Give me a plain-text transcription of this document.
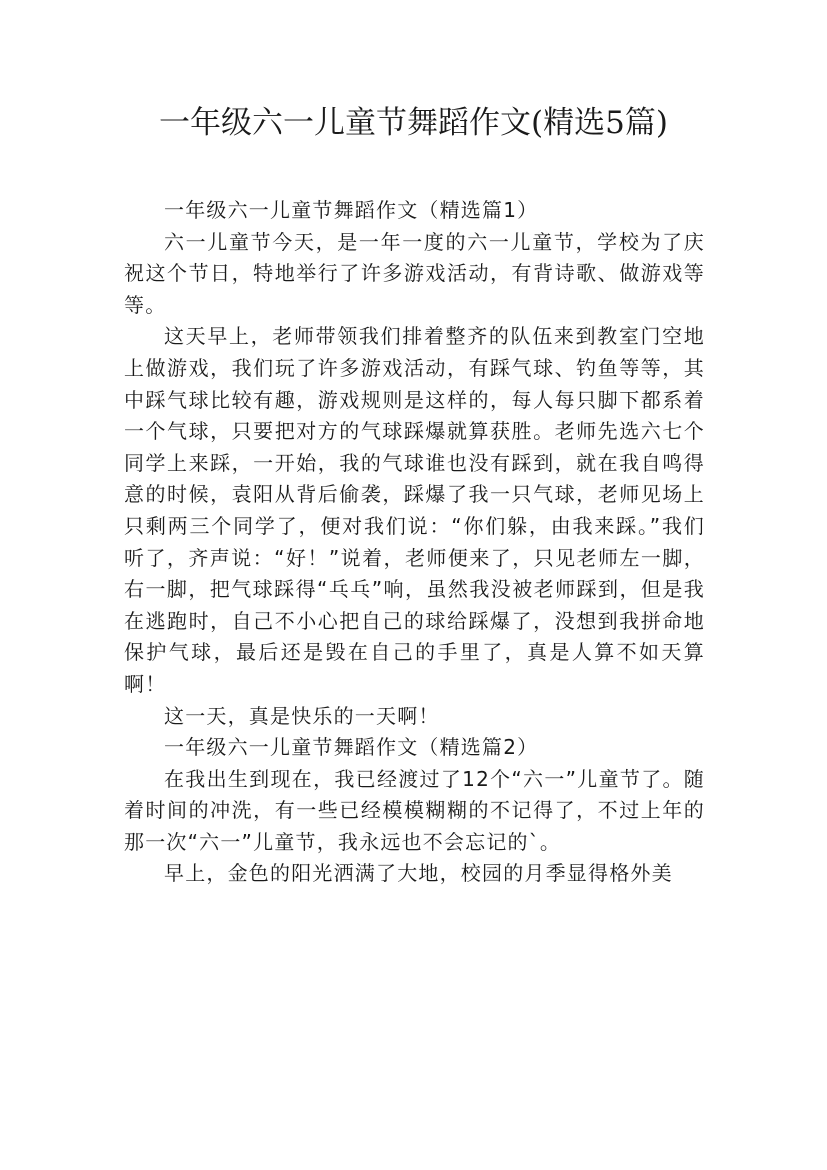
一年级六一儿童节舞蹈作文(精选5篇)

一年级六一儿童节舞蹈作文（精选篇1）

六一儿童节今天，是一年一度的六一儿童节，学校为了庆祝这个节日，特地举行了许多游戏活动，有背诗歌、做游戏等等。

这天早上，老师带领我们排着整齐的队伍来到教室门空地上做游戏，我们玩了许多游戏活动，有踩气球、钓鱼等等，其中踩气球比较有趣，游戏规则是这样的，每人每只脚下都系着一个气球，只要把对方的气球踩爆就算获胜。老师先选六七个同学上来踩，一开始，我的气球谁也没有踩到，就在我自鸣得意的时候，袁阳从背后偷袭，踩爆了我一只气球，老师见场上只剩两三个同学了，便对我们说：“你们躲，由我来踩。”我们听了，齐声说：“好！”说着，老师便来了，只见老师左一脚，右一脚，把气球踩得“乓乓”响，虽然我没被老师踩到，但是我在逃跑时，自己不小心把自己的球给踩爆了，没想到我拼命地保护气球，最后还是毁在自己的手里了，真是人算不如天算啊！

这一天，真是快乐的一天啊！

一年级六一儿童节舞蹈作文（精选篇2）

在我出生到现在，我已经渡过了12个“六一”儿童节了。随着时间的冲洗，有一些已经模模糊糊的不记得了，不过上年的那一次“六一”儿童节，我永远也不会忘记的`。

早上，金色的阳光洒满了大地，校园的月季显得格外美
